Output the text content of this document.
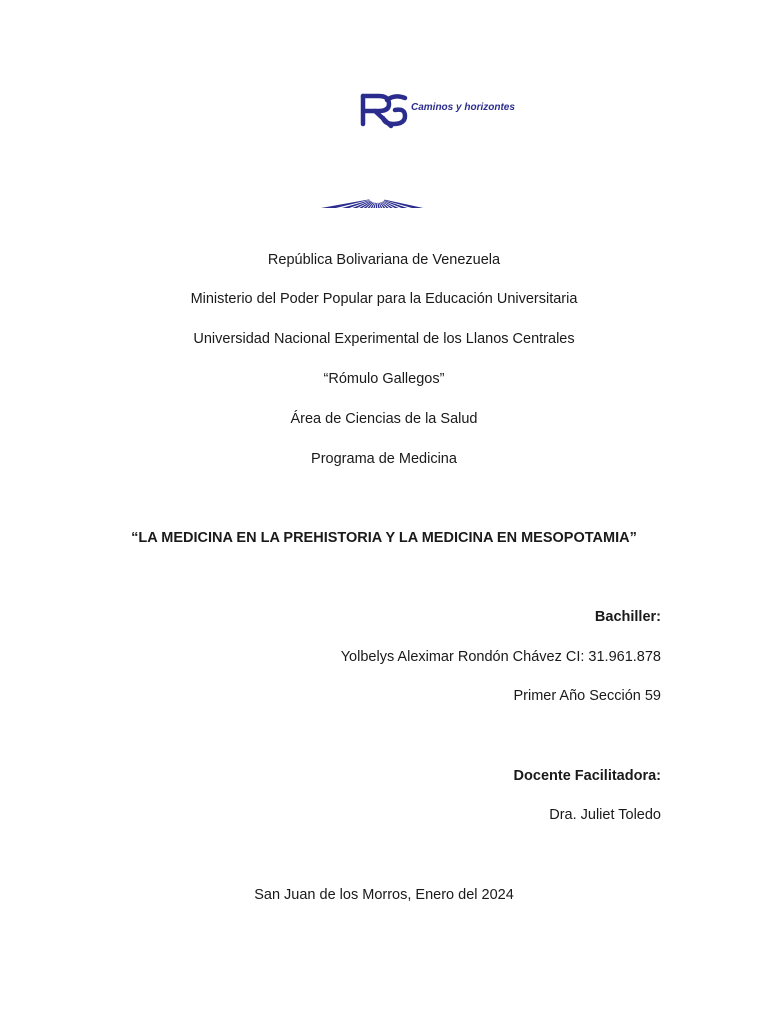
Caminos y horizontes
República Bolivariana de Venezuela
Ministerio del Poder Popular para la Educación Universitaria
Universidad Nacional Experimental de los Llanos Centrales
“Rómulo Gallegos”
Área de Ciencias de la Salud
Programa de Medicina
“LA MEDICINA EN LA PREHISTORIA Y LA MEDICINA EN MESOPOTAMIA”
Bachiller:
Yolbelys Aleximar Rondón Chávez CI: 31.961.878
Primer Año Sección 59
Docente Facilitadora:
Dra. Juliet Toledo
San Juan de los Morros, Enero del 2024
